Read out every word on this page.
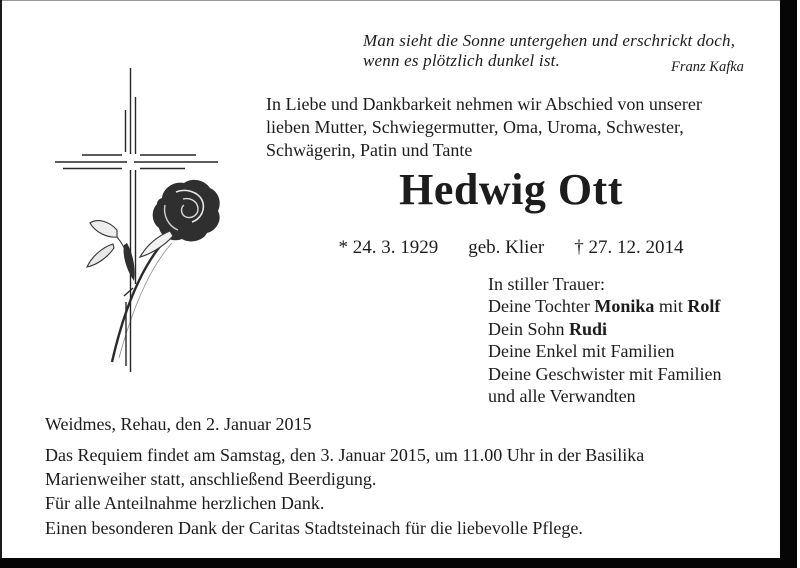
Man sieht die Sonne untergehen und erschrickt doch,
wenn es plötzlich dunkel ist.	Franz Kafka
In Liebe und Dankbarkeit nehmen wir Abschied von unserer
lieben Mutter, Schwiegermutter, Oma, Uroma, Schwester,
Schwägerin, Patin und Tante
Hedwig Ott
* 24. 3. 1929 geb. Klier † 27. 12. 2014
In stiller Trauer:
Deine Tochter Monika mit Rolf
Dein Sohn Rudi
Deine Enkel mit Familien
Deine Geschwister mit Familien
und alle Verwandten
Weidmes, Rehau, den 2. Januar 2015
Das Requiem findet am Samstag, den 3. Januar 2015, um 11.00 Uhr in der Basilika
Marienweiher statt, anschließend Beerdigung.
Für alle Anteilnahme herzlichen Dank.
Einen besonderen Dank der Caritas Stadtsteinach für die liebevolle Pflege.
